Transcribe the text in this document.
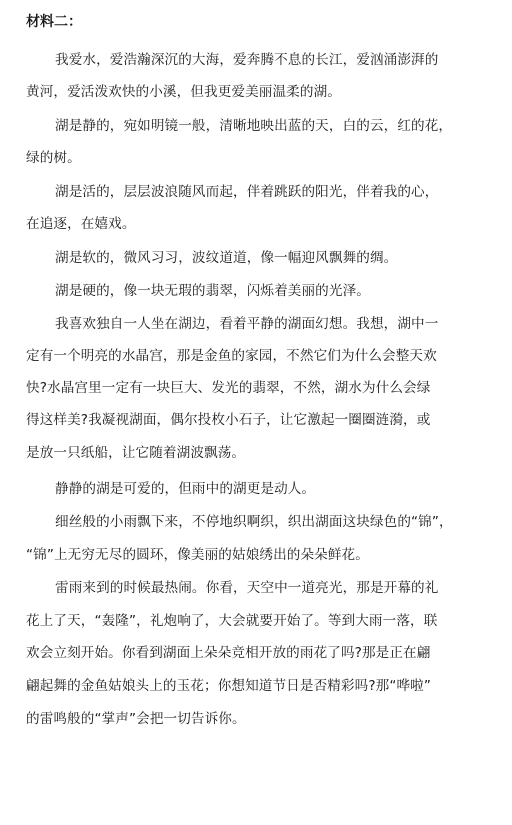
材料二：
我爱水，爱浩瀚深沉的大海，爱奔腾不息的长江，爱汹涌澎湃的
黄河，爱活泼欢快的小溪，但我更爱美丽温柔的湖。
湖是静的，宛如明镜一般，清晰地映出蓝的天，白的云，红的花，
绿的树。
湖是活的，层层波浪随风而起，伴着跳跃的阳光，伴着我的心，
在追逐，在嬉戏。
湖是软的，微风习习，波纹道道，像一幅迎风飘舞的绸。
湖是硬的，像一块无瑕的翡翠，闪烁着美丽的光泽。
我喜欢独自一人坐在湖边，看着平静的湖面幻想。我想，湖中一
定有一个明亮的水晶宫，那是金鱼的家园，不然它们为什么会整天欢
快?水晶宫里一定有一块巨大、发光的翡翠，不然，湖水为什么会绿
得这样美?我凝视湖面，偶尔投枚小石子，让它激起一圈圈涟漪，或
是放一只纸船，让它随着湖波飘荡。
静静的湖是可爱的，但雨中的湖更是动人。
细丝般的小雨飘下来，不停地织啊织，织出湖面这块绿色的“锦”，
“锦”上无穷无尽的圆环，像美丽的姑娘绣出的朵朵鲜花。
雷雨来到的时候最热闹。你看，天空中一道亮光，那是开幕的礼
花上了天，“轰隆”，礼炮响了，大会就要开始了。等到大雨一落，联
欢会立刻开始。你看到湖面上朵朵竞相开放的雨花了吗?那是正在翩
翩起舞的金鱼姑娘头上的玉花；你想知道节日是否精彩吗?那“哗啦”
的雷鸣般的“掌声”会把一切告诉你。
